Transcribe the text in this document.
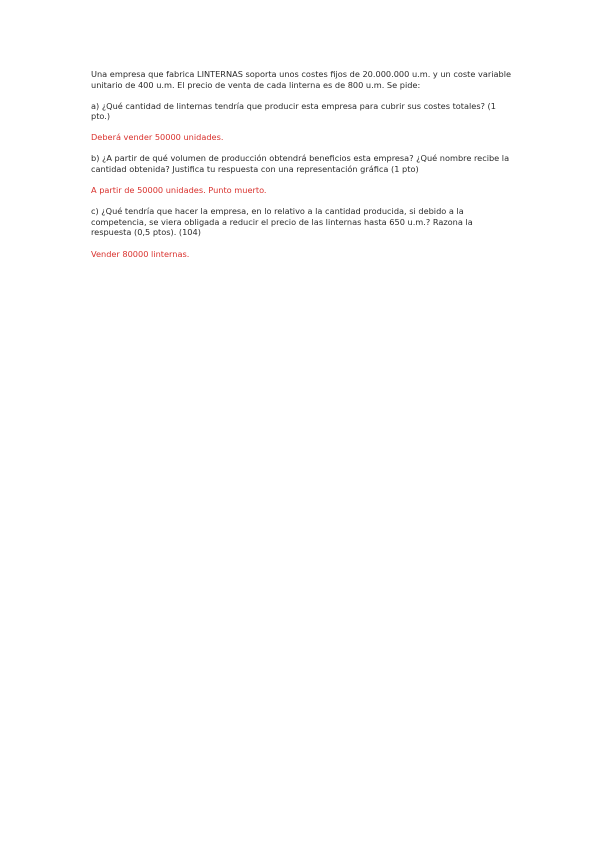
Una empresa que fabrica LINTERNAS soporta unos costes fijos de 20.000.000 u.m. y un coste variable unitario de 400 u.m. El precio de venta de cada linterna es de 800 u.m. Se pide:

a) ¿Qué cantidad de linternas tendría que producir esta empresa para cubrir sus costes totales? (1 pto.)

Deberá vender 50000 unidades.

b) ¿A partir de qué volumen de producción obtendrá beneficios esta empresa? ¿Qué nombre recibe la cantidad obtenida? Justifica tu respuesta con una representación gráfica (1 pto)

A partir de 50000 unidades. Punto muerto.

c) ¿Qué tendría que hacer la empresa, en lo relativo a la cantidad producida, si debido a la competencia, se viera obligada a reducir el precio de las linternas hasta 650 u.m.? Razona la respuesta (0,5 ptos). (104)

Vender 80000 linternas.
